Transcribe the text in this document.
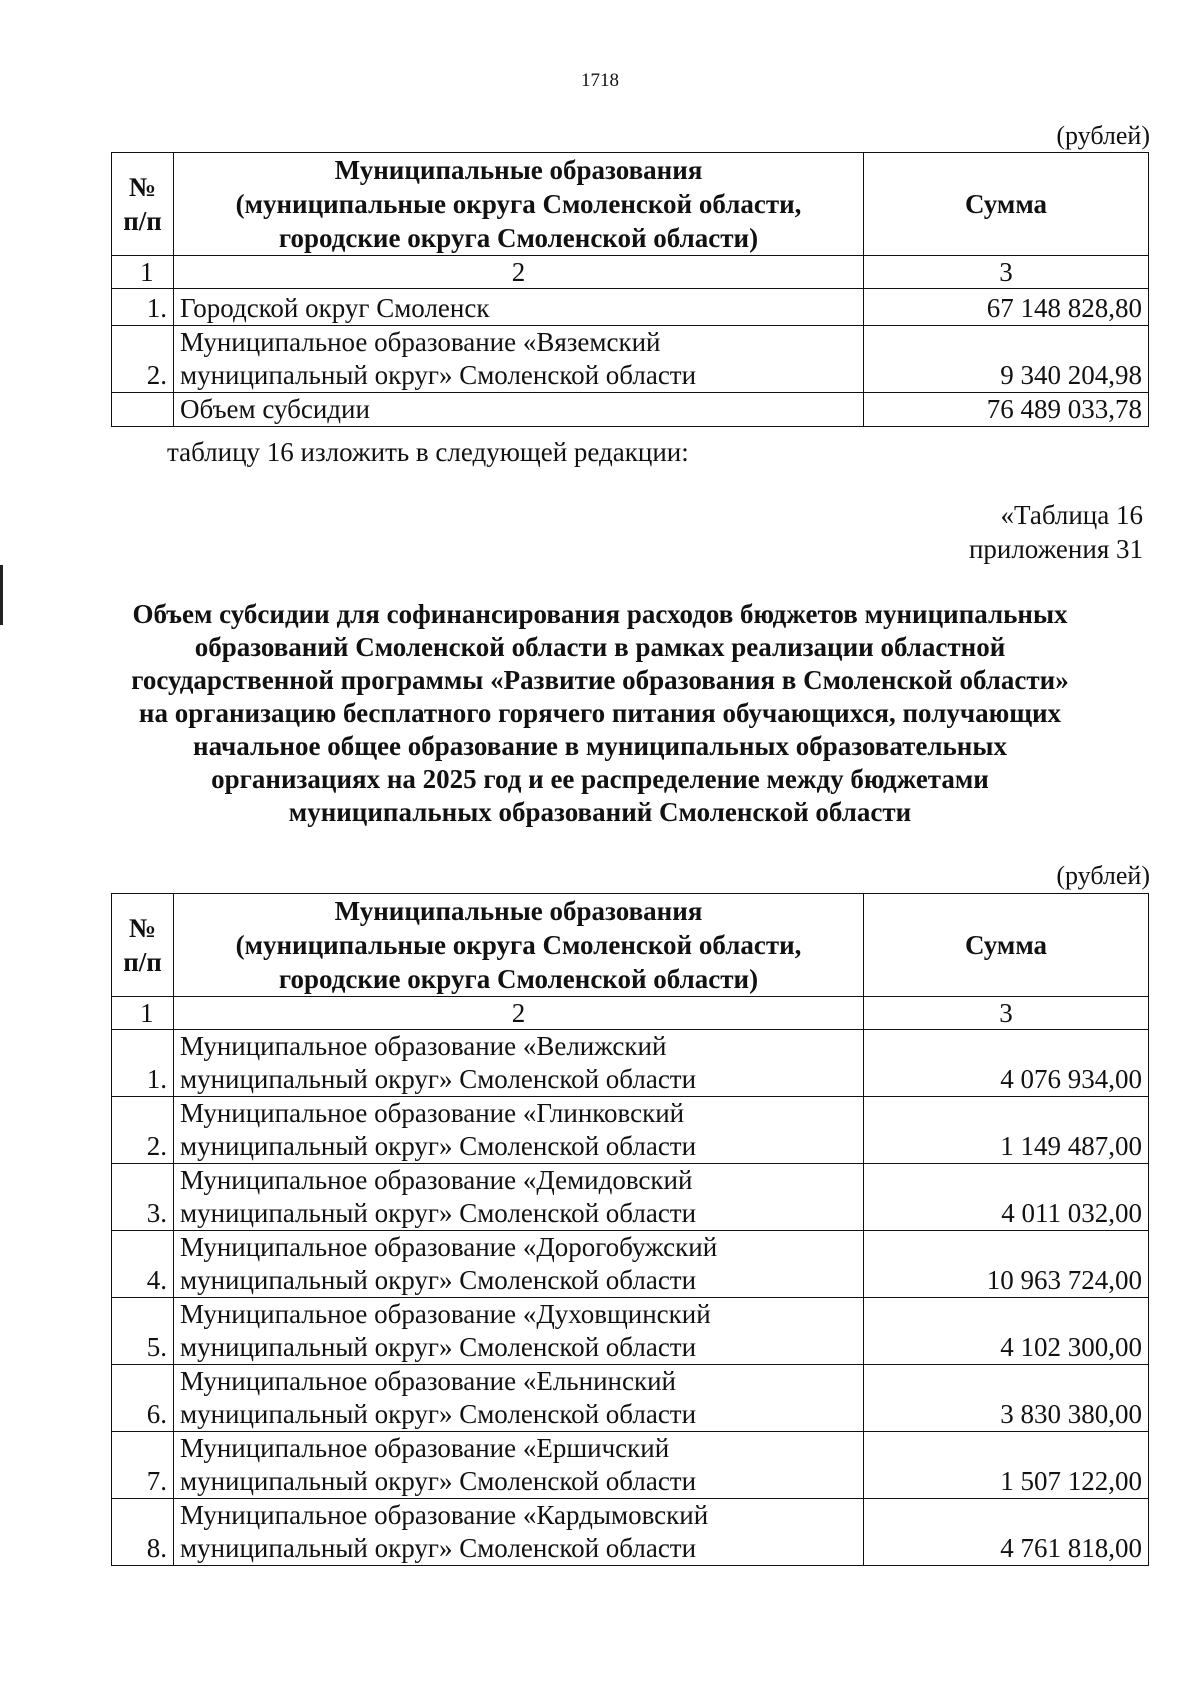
1718
(рублей)
№
п/п	Муниципальные образования
(муниципальные округа Смоленской области,
городские округа Смоленской области)	Сумма
1	2	3
1.	Городской округ Смоленск	67 148 828,80
2.	Муниципальное образование «Вяземский
муниципальный округ» Смоленской области	9 340 204,98
	Объем субсидии	76 489 033,78
таблицу 16 изложить в следующей редакции:
«Таблица 16
приложения 31
Объем субсидии для софинансирования расходов бюджетов муниципальных
образований Смоленской области в рамках реализации областной
государственной программы «Развитие образования в Смоленской области»
на организацию бесплатного горячего питания обучающихся, получающих
начальное общее образование в муниципальных образовательных
организациях на 2025 год и ее распределение между бюджетами
муниципальных образований Смоленской области
(рублей)
№
п/п	Муниципальные образования
(муниципальные округа Смоленской области,
городские округа Смоленской области)	Сумма
1	2	3
1.	Муниципальное образование «Велижский
муниципальный округ» Смоленской области	4 076 934,00
2.	Муниципальное образование «Глинковский
муниципальный округ» Смоленской области	1 149 487,00
3.	Муниципальное образование «Демидовский
муниципальный округ» Смоленской области	4 011 032,00
4.	Муниципальное образование «Дорогобужский
муниципальный округ» Смоленской области	10 963 724,00
5.	Муниципальное образование «Духовщинский
муниципальный округ» Смоленской области	4 102 300,00
6.	Муниципальное образование «Ельнинский
муниципальный округ» Смоленской области	3 830 380,00
7.	Муниципальное образование «Ершичский
муниципальный округ» Смоленской области	1 507 122,00
8.	Муниципальное образование «Кардымовский
муниципальный округ» Смоленской области	4 761 818,00
